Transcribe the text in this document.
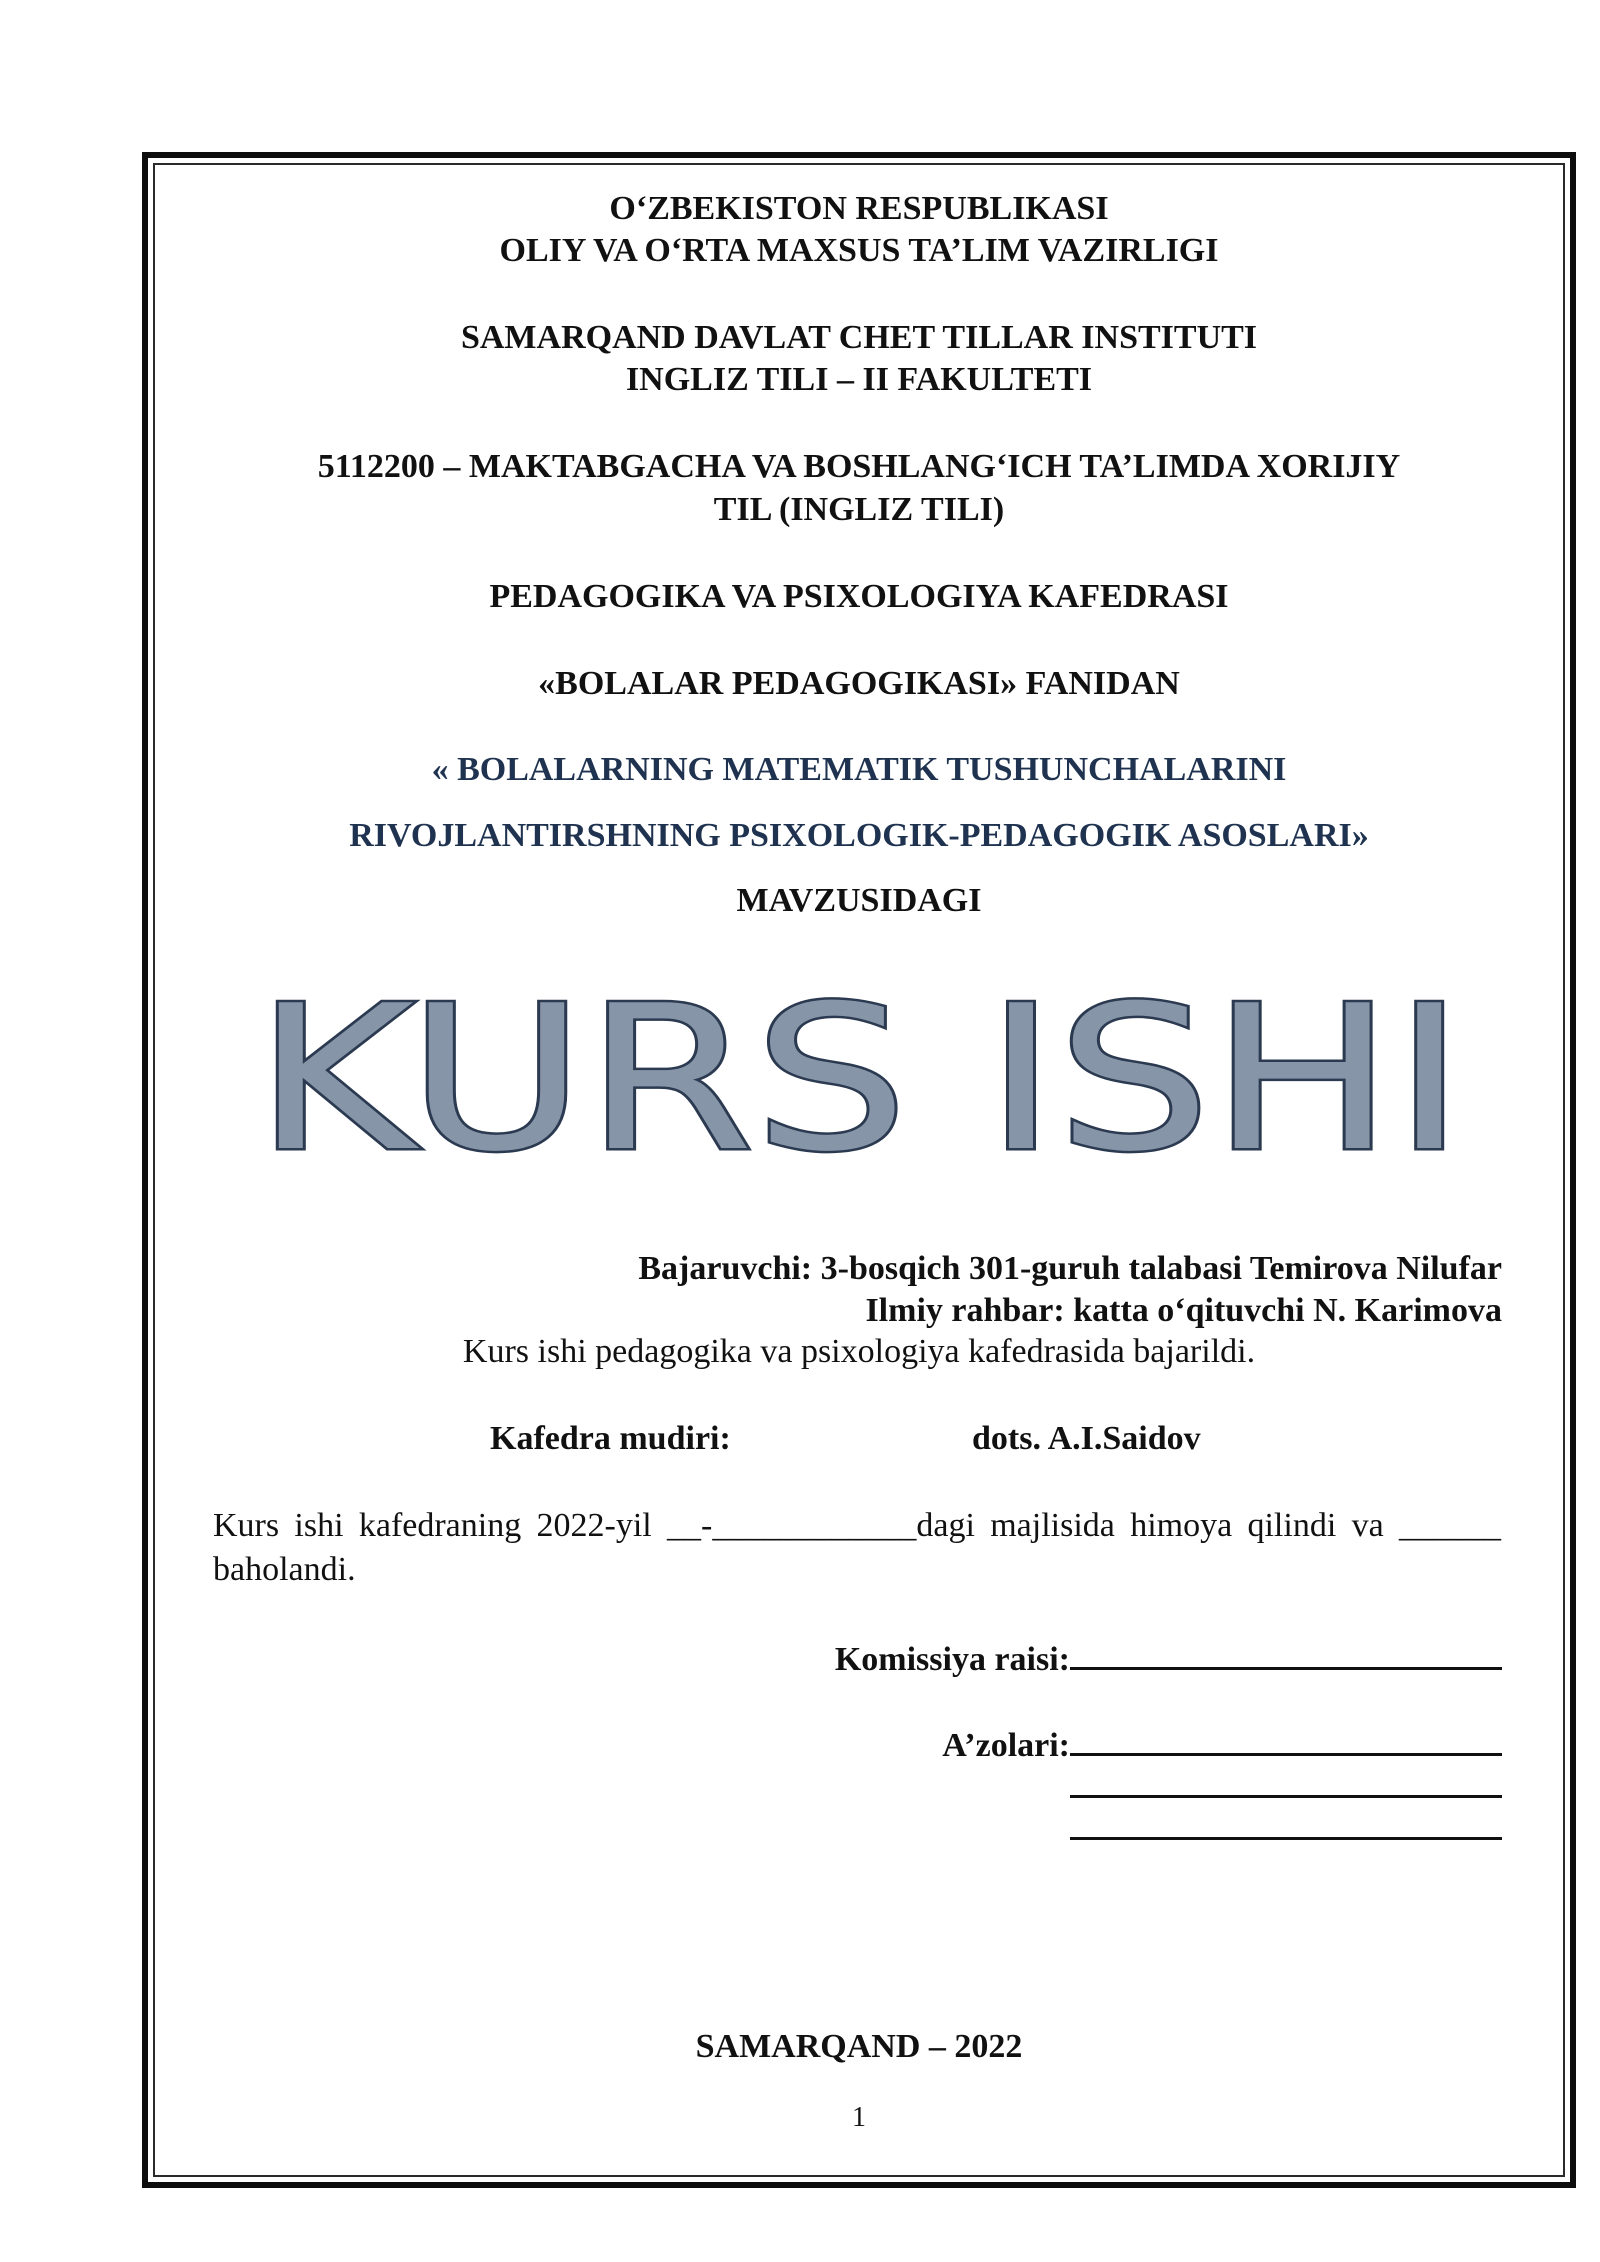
O‘ZBEKISTON RESPUBLIKASI
OLIY VA O‘RTA MAXSUS TA’LIM VAZIRLIGI
SAMARQAND DAVLAT CHET TILLAR INSTITUTI
INGLIZ TILI – II FAKULTETI
5112200 – MAKTABGACHA VA BOSHLANG‘ICH TA’LIMDA XORIJIY
TIL (INGLIZ TILI)
PEDAGOGIKA VA PSIXOLOGIYA KAFEDRASI
«BOLALAR PEDAGOGIKASI» FANIDAN
« BOLALARNING MATEMATIK TUSHUNCHALARINI
RIVOJLANTIRSHNING PSIXOLOGIK-PEDAGOGIK ASOSLARI»
MAVZUSIDAGI
KURS ISHI
Bajaruvchi: 3-bosqich 301-guruh talabasi Temirova Nilufar
Ilmiy rahbar: katta o‘qituvchi N. Karimova
Kurs ishi pedagogika va psixologiya kafedrasida bajarildi.
Kafedra mudiri:	dots. A.I.Saidov
Kurs ishi kafedraning 2022-yil __-____________dagi majlisida himoya qilindi va ______ baholandi.
Komissiya raisi:
A’zolari:
SAMARQAND – 2022
1
